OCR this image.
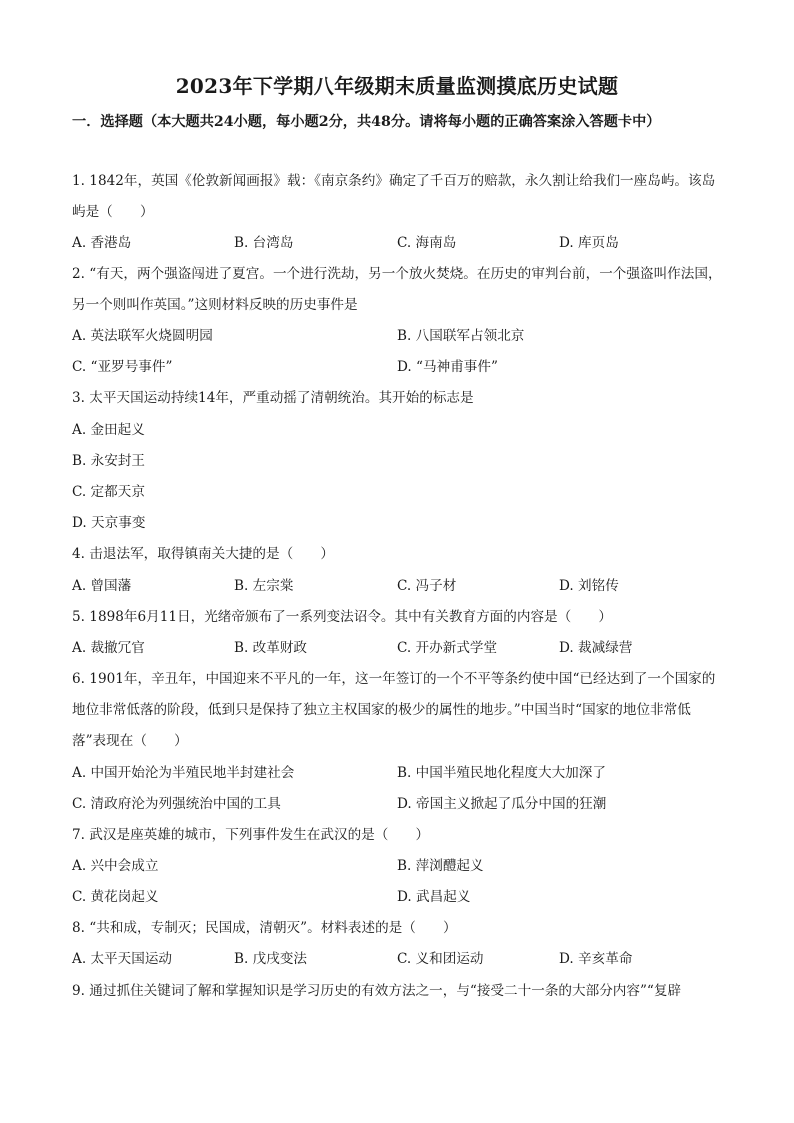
2023年下学期八年级期末质量监测摸底历史试题
一．选择题（本大题共24小题，每小题2分，共48分。请将每小题的正确答案涂入答题卡中）

1. 1842年，英国《伦敦新闻画报》载：《南京条约》确定了千百万的赔款，永久割让给我们一座岛屿。该岛屿是（　　）

A. 香港岛	B. 台湾岛	C. 海南岛	D. 库页岛

2. “有天，两个强盗闯进了夏宫。一个进行洗劫，另一个放火焚烧。在历史的审判台前，一个强盗叫作法国，另一个则叫作英国。”这则材料反映的历史事件是

A. 英法联军火烧圆明园	B. 八国联军占领北京
C. “亚罗号事件”	D. “马神甫事件”

3. 太平天国运动持续14年，严重动摇了清朝统治。其开始的标志是

A. 金田起义
B. 永安封王
C. 定都天京
D. 天京事变

4. 击退法军，取得镇南关大捷的是（　　）

A. 曾国藩	B. 左宗棠	C. 冯子材	D. 刘铭传

5. 1898年6月11日，光绪帝颁布了一系列变法诏令。其中有关教育方面的内容是（　　）

A. 裁撤冗官	B. 改革财政	C. 开办新式学堂	D. 裁减绿营

6. 1901年，辛丑年，中国迎来不平凡的一年，这一年签订的一个不平等条约使中国“已经达到了一个国家的地位非常低落的阶段，低到只是保持了独立主权国家的极少的属性的地步。”中国当时“国家的地位非常低落”表现在（　　）

A. 中国开始沦为半殖民地半封建社会	B. 中国半殖民地化程度大大加深了
C. 清政府沦为列强统治中国的工具	D. 帝国主义掀起了瓜分中国的狂潮

7. 武汉是座英雄的城市，下列事件发生在武汉的是（　　）

A. 兴中会成立	B. 萍浏醴起义
C. 黄花岗起义	D. 武昌起义

8. “共和成，专制灭；民国成，清朝灭”。材料表述的是（　　）

A. 太平天国运动	B. 戊戌变法	C. 义和团运动	D. 辛亥革命

9. 通过抓住关键词了解和掌握知识是学习历史的有效方法之一，与“接受二十一条的大部分内容”“复辟
